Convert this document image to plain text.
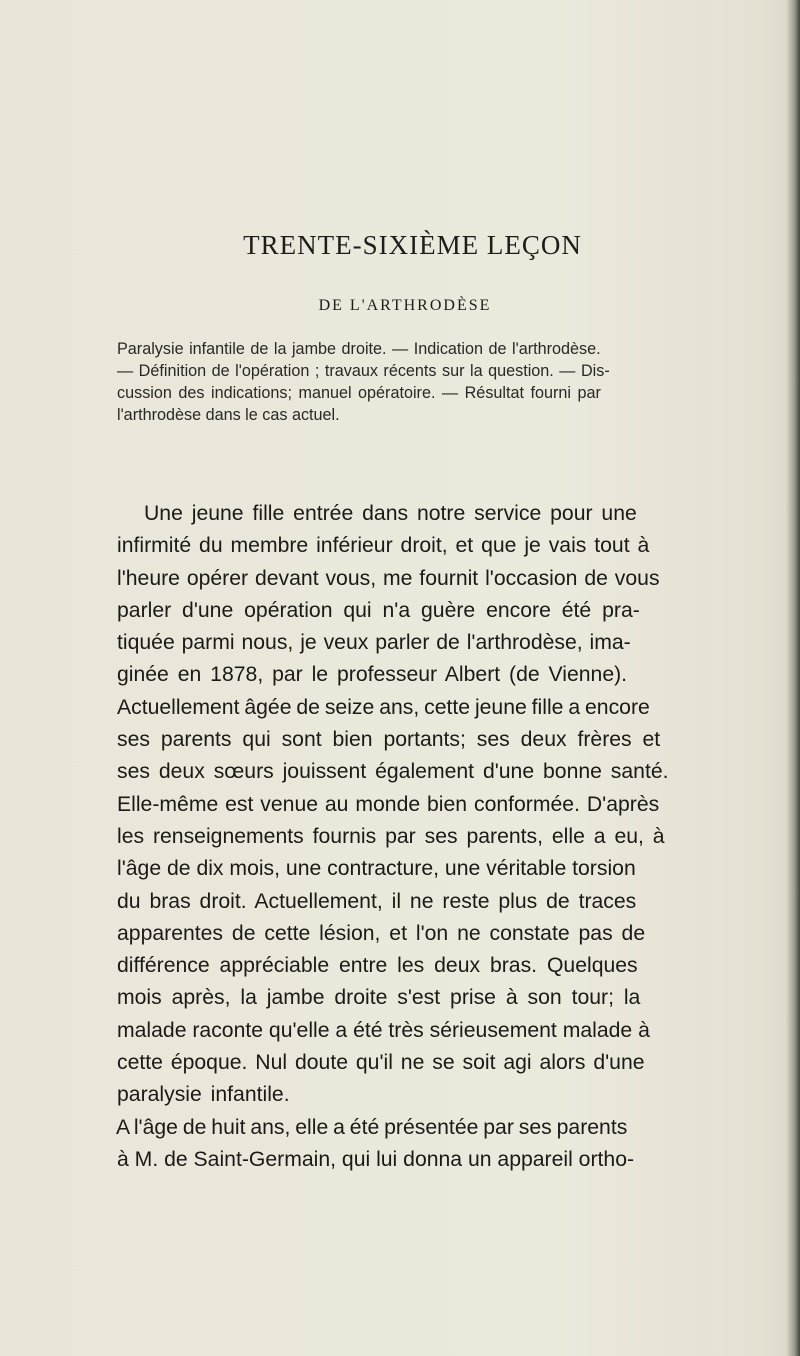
TRENTE-SIXIÈME LEÇON
DE L'ARTHRODÈSE
Paralysie infantile de la jambe droite. — Indication de l'arthrodèse.
— Définition de l'opération ; travaux récents sur la question. — Dis-
cussion des indications; manuel opératoire. — Résultat fourni par
l'arthrodèse dans le cas actuel.
Une jeune fille entrée dans notre service pour une
infirmité du membre inférieur droit, et que je vais tout à
l'heure opérer devant vous, me fournit l'occasion de vous
parler d'une opération qui n'a guère encore été pra-
tiquée parmi nous, je veux parler de l'arthrodèse, ima-
ginée en 1878, par le professeur Albert (de Vienne).
Actuellement âgée de seize ans, cette jeune fille a encore
ses parents qui sont bien portants; ses deux frères et
ses deux sœurs jouissent également d'une bonne santé.
Elle-même est venue au monde bien conformée. D'après
les renseignements fournis par ses parents, elle a eu, à
l'âge de dix mois, une contracture, une véritable torsion
du bras droit. Actuellement, il ne reste plus de traces
apparentes de cette lésion, et l'on ne constate pas de
différence appréciable entre les deux bras. Quelques
mois après, la jambe droite s'est prise à son tour; la
malade raconte qu'elle a été très sérieusement malade à
cette époque. Nul doute qu'il ne se soit agi alors d'une
paralysie infantile.
A l'âge de huit ans, elle a été présentée par ses parents
à M. de Saint-Germain, qui lui donna un appareil ortho-
